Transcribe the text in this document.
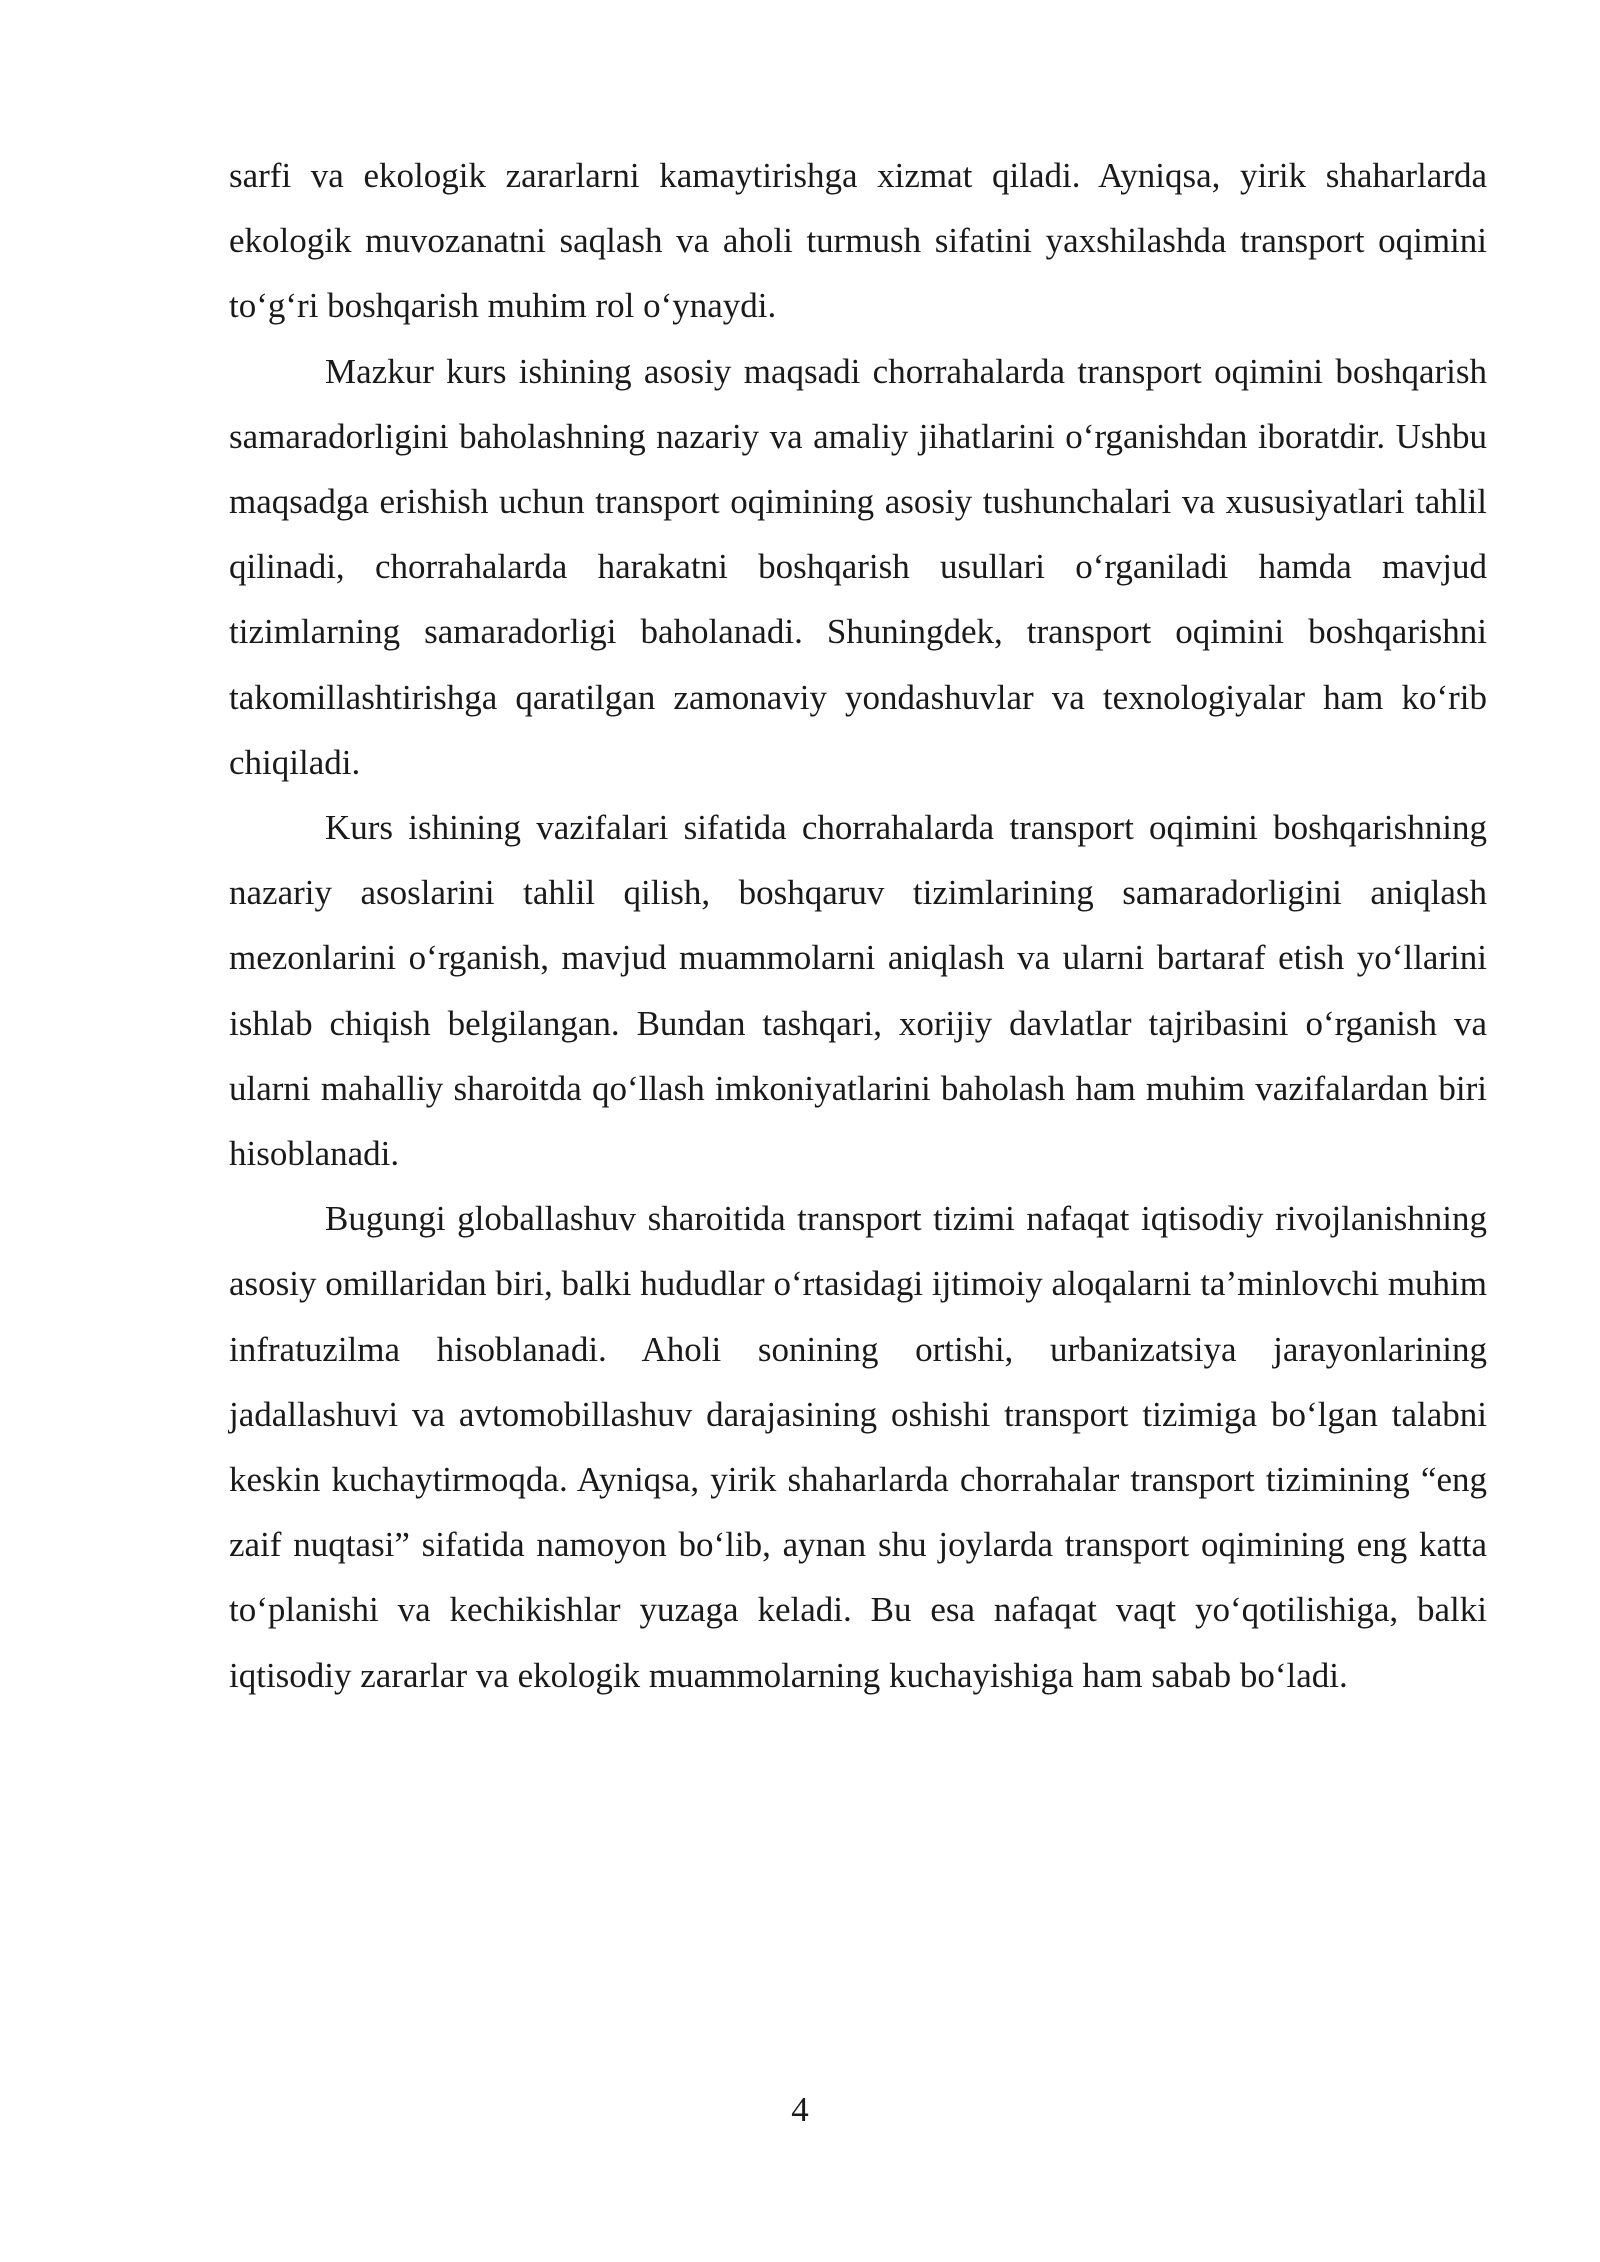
sarfi va ekologik zararlarni kamaytirishga xizmat qiladi. Ayniqsa, yirik shaharlarda ekologik muvozanatni saqlash va aholi turmush sifatini yaxshilashda transport oqimini to‘g‘ri boshqarish muhim rol o‘ynaydi.

Mazkur kurs ishining asosiy maqsadi chorrahalarda transport oqimini boshqarish samaradorligini baholashning nazariy va amaliy jihatlarini o‘rganishdan iboratdir. Ushbu maqsadga erishish uchun transport oqimining asosiy tushunchalari va xususiyatlari tahlil qilinadi, chorrahalarda harakatni boshqarish usullari o‘rganiladi hamda mavjud tizimlarning samaradorligi baholanadi. Shuningdek, transport oqimini boshqarishni takomillashtirishga qaratilgan zamonaviy yondashuvlar va texnologiyalar ham ko‘rib chiqiladi.

Kurs ishining vazifalari sifatida chorrahalarda transport oqimini boshqarishning nazariy asoslarini tahlil qilish, boshqaruv tizimlarining samaradorligini aniqlash mezonlarini o‘rganish, mavjud muammolarni aniqlash va ularni bartaraf etish yo‘llarini ishlab chiqish belgilangan. Bundan tashqari, xorijiy davlatlar tajribasini o‘rganish va ularni mahalliy sharoitda qo‘llash imkoniyatlarini baholash ham muhim vazifalardan biri hisoblanadi.

Bugungi globallashuv sharoitida transport tizimi nafaqat iqtisodiy rivojlanishning asosiy omillaridan biri, balki hududlar o‘rtasidagi ijtimoiy aloqalarni ta’minlovchi muhim infratuzilma hisoblanadi. Aholi sonining ortishi, urbanizatsiya jarayonlarining jadallashuvi va avtomobillashuv darajasining oshishi transport tizimiga bo‘lgan talabni keskin kuchaytirmoqda. Ayniqsa, yirik shaharlarda chorrahalar transport tizimining “eng zaif nuqtasi” sifatida namoyon bo‘lib, aynan shu joylarda transport oqimining eng katta to‘planishi va kechikishlar yuzaga keladi. Bu esa nafaqat vaqt yo‘qotilishiga, balki iqtisodiy zararlar va ekologik muammolarning kuchayishiga ham sabab bo‘ladi.

4
